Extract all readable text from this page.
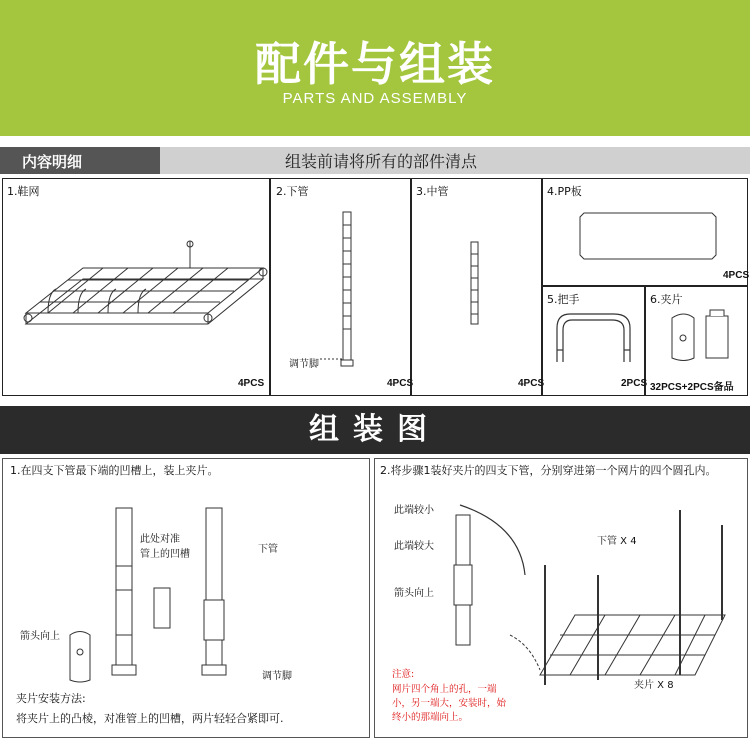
配件与组装
PARTS AND ASSEMBLY
内容明细	组装前请将所有的部件清点
1.鞋网
4PCS
2.下管
4PCS
调节脚
3.中管
4PCS
4.PP板
4PCS
5.把手
2PCS
6.夹片
32PCS+2PCS备品
组装图
1.在四支下管最下端的凹槽上，装上夹片。
此处对准
管上的凹槽	下管
箭头向上
调节脚
夹片安装方法:
将夹片上的凸棱，对准管上的凹槽，两片轻轻合紧即可.
2.将步骤1装好夹片的四支下管，分别穿进第一个网片的四个圆孔内。
此端较小
此端较大
箭头向上
下管 X 4
夹片 X 8
注意:
网片四个角上的孔，一端小，另一端大，安装时，始终小的那端向上。
